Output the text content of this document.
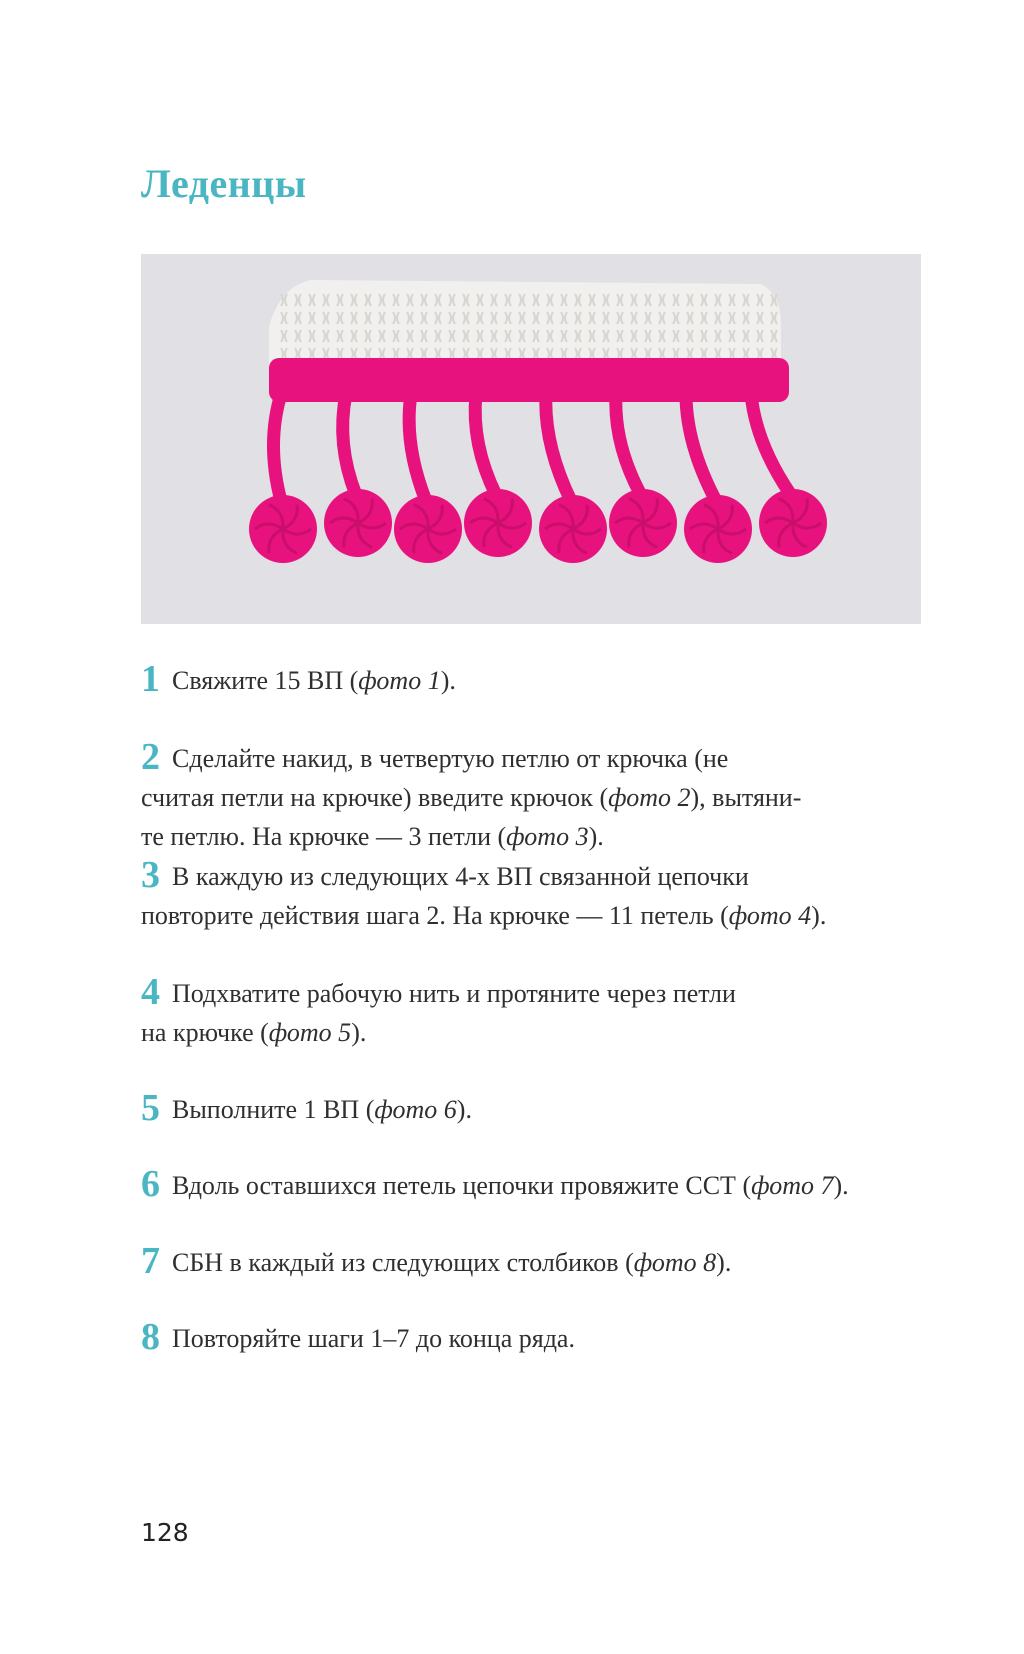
Леденцы
1 Свяжите 15 ВП (фото 1).
2 Сделайте накид, в четвертую петлю от крючка (не
считая петли на крючке) введите крючок (фото 2), вытяни-
те петлю. На крючке — 3 петли (фото 3).
3 В каждую из следующих 4-х ВП связанной цепочки
повторите действия шага 2. На крючке — 11 петель (фото 4).
4 Подхватите рабочую нить и протяните через петли
на крючке (фото 5).
5 Выполните 1 ВП (фото 6).
6 Вдоль оставшихся петель цепочки провяжите ССТ (фото 7).
7 СБН в каждый из следующих столбиков (фото 8).
8 Повторяйте шаги 1–7 до конца ряда.
128
